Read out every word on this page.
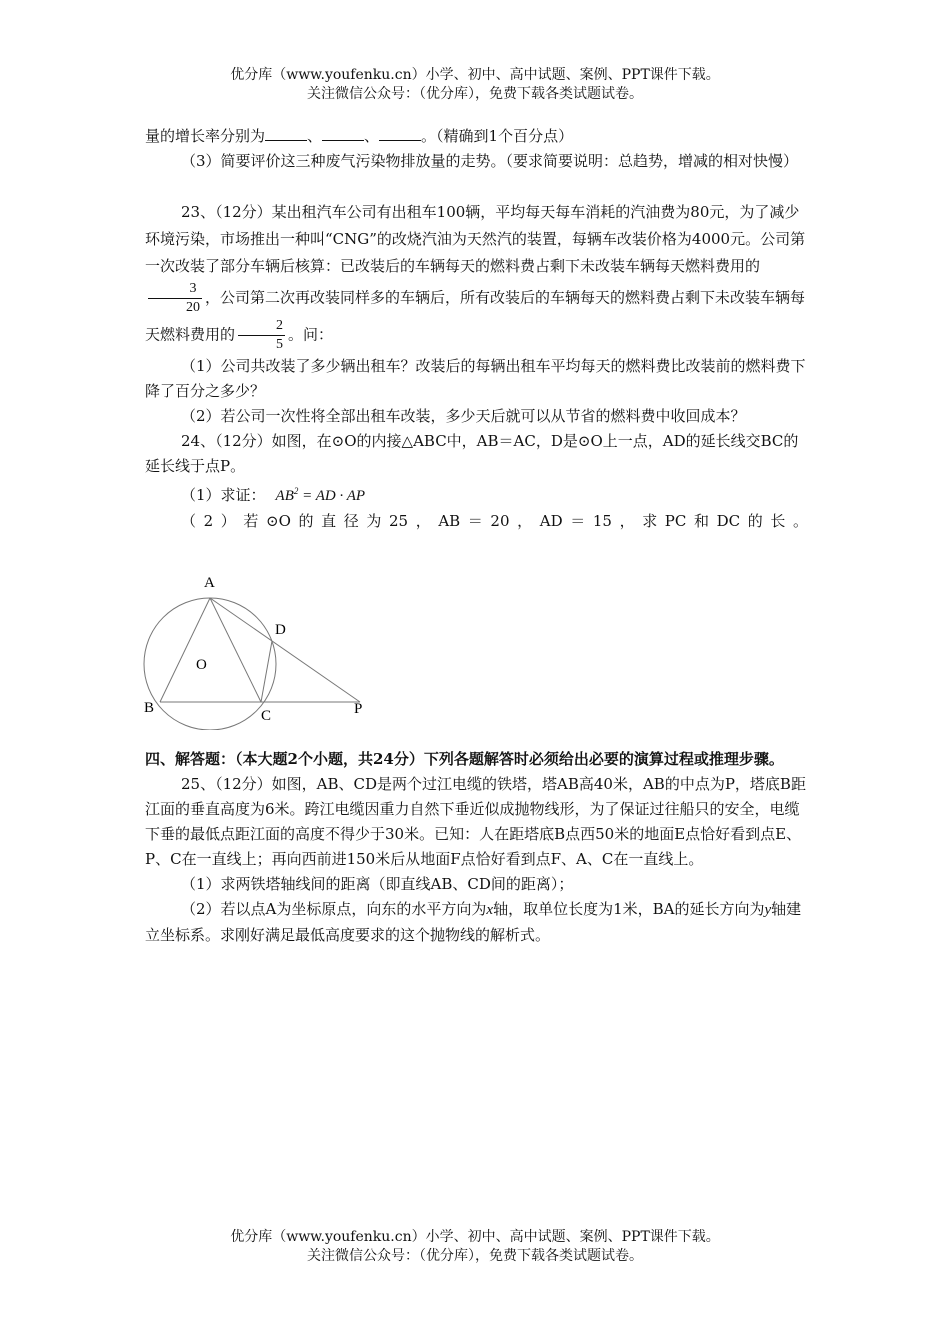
优分库（www.youfenku.cn）小学、初中、高中试题、案例、PPT课件下载。
关注微信公众号：（优分库），免费下载各类试题试卷。

量的增长率分别为	、	、	。（精确到1个百分点）

（3）简要评价这三种废气污染物排放量的走势。（要求简要说明：总趋势，增减的相对快慢）

23、（12分）某出租汽车公司有出租车100辆，平均每天每车消耗的汽油费为80元，为了减少环境污染，市场推出一种叫“CNG”的改烧汽油为天然汽的装置，每辆车改装价格为4000元。公司第一次改装了部分车辆后核算：已改装后的车辆每天的燃料费占剩下未改装车辆每天燃料费用的
$\frac{3}{20}$ ，公司第二次再改装同样多的车辆后，所有改装后的车辆每天的燃料费占剩下未改装车辆每天燃料费用的 $\frac{2}{5}$ 。问：

（1）公司共改装了多少辆出租车？改装后的每辆出租车平均每天的燃料费比改装前的燃料费下降了百分之多少？

（2）若公司一次性将全部出租车改装，多少天后就可以从节省的燃料费中收回成本？

24、（12分）如图，在⊙O的内接△ABC中，AB＝AC，D是⊙O上一点，AD的延长线交BC的延长线于点P。

（1）求证： $AB^2$ = AD · AP

（2）若⊙O的直径为25，AB＝20，AD＝15，求PC和DC的长。

A
D
O
B	C	P

四、解答题：（本大题2个小题，共24分）下列各题解答时必须给出必要的演算过程或推理步骤。

25、（12分）如图，AB、CD是两个过江电缆的铁塔，塔AB高40米，AB的中点为P，塔底B距江面的垂直高度为6米。跨江电缆因重力自然下垂近似成抛物线形，为了保证过往船只的安全，电缆下垂的最低点距江面的高度不得少于30米。已知：人在距塔底B点西50米的地面E点恰好看到点E、P、C在一直线上；再向西前进150米后从地面F点恰好看到点F、A、C在一直线上。

（1）求两铁塔轴线间的距离（即直线AB、CD间的距离）；

（2）若以点A为坐标原点，向东的水平方向为x轴，取单位长度为1米，BA的延长方向为y轴建立坐标系。求刚好满足最低高度要求的这个抛物线的解析式。

优分库（www.youfenku.cn）小学、初中、高中试题、案例、PPT课件下载。
关注微信公众号：（优分库），免费下载各类试题试卷。
